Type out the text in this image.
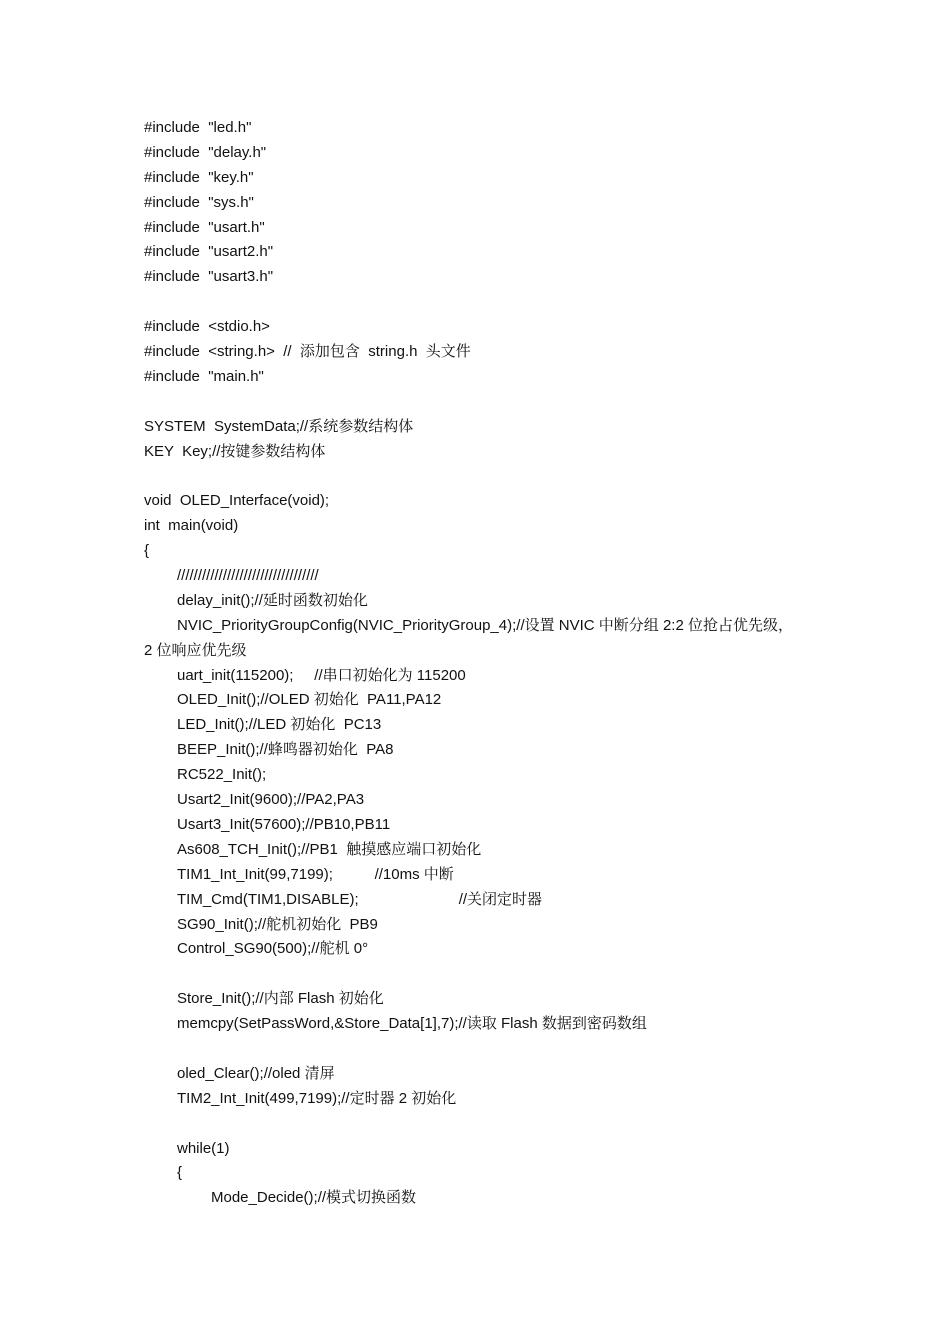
#include  "led.h"
#include  "delay.h"
#include  "key.h"
#include  "sys.h"
#include  "usart.h"
#include  "usart2.h"
#include  "usart3.h"
#include  <stdio.h>
#include  <string.h>  //  添加包含  string.h  头文件
#include  "main.h"
SYSTEM  SystemData;//系统参数结构体
KEY  Key;//按键参数结构体
void  OLED_Interface(void);
int  main(void)
{
//////////////////////////////////
delay_init();//延时函数初始化
NVIC_PriorityGroupConfig(NVIC_PriorityGroup_4);//设置 NVIC 中断分组 2:2 位抢占优先级，
2 位响应优先级
uart_init(115200);     //串口初始化为 115200
OLED_Init();//OLED 初始化  PA11,PA12
LED_Init();//LED 初始化  PC13
BEEP_Init();//蜂鸣器初始化  PA8
RC522_Init();
Usart2_Init(9600);//PA2,PA3
Usart3_Init(57600);//PB10,PB11
As608_TCH_Init();//PB1  触摸感应端口初始化
TIM1_Int_Init(99,7199);          //10ms 中断
TIM_Cmd(TIM1,DISABLE);                        //关闭定时器
SG90_Init();//舵机初始化  PB9
Control_SG90(500);//舵机 0°
Store_Init();//内部 Flash 初始化
memcpy(SetPassWord,&Store_Data[1],7);//读取 Flash 数据到密码数组
oled_Clear();//oled 清屏
TIM2_Int_Init(499,7199);//定时器 2 初始化
while(1)
{
Mode_Decide();//模式切换函数
